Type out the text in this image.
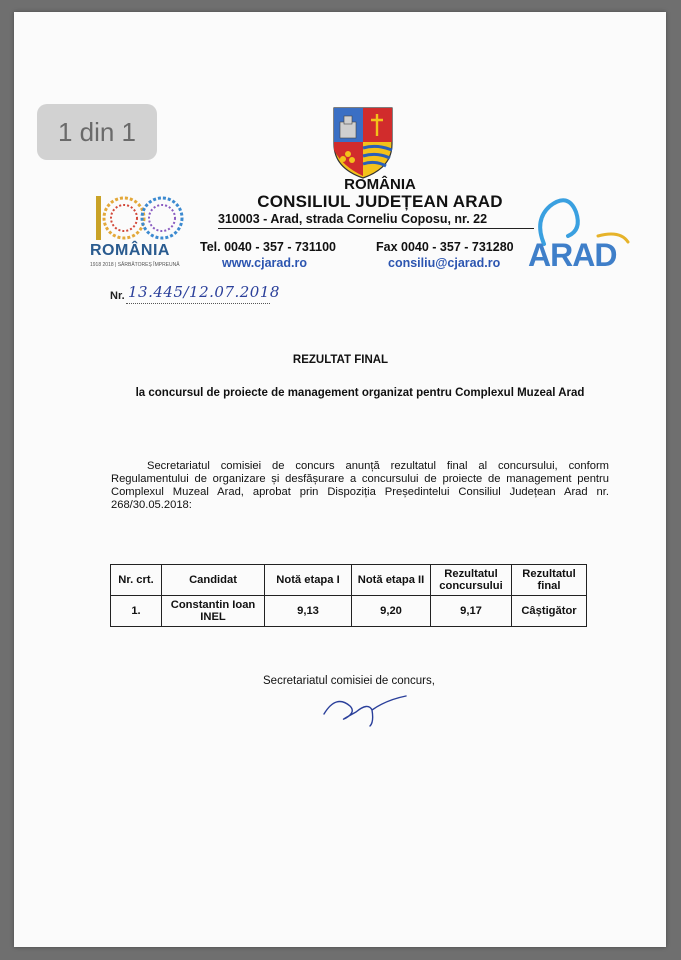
1 din 1
ROMÂNIA
1918 2018 | SĂRBĂTOREȘ ÎMPREUNĂ	ARAD
ROMÂNIA
CONSILIUL JUDEȚEAN ARAD
310003 - Arad, strada Corneliu Coposu, nr. 22
Tel. 0040 - 357 - 731100	Fax 0040 - 357 - 731280
www.cjarad.ro	consiliu@cjarad.ro
Nr. 13.445/12.07.2018
REZULTAT FINAL
la concursul de proiecte de management organizat pentru Complexul Muzeal Arad
Secretariatul comisiei de concurs anunță rezultatul final al concursului, conform Regulamentului de organizare și desfășurare a concursului de proiecte de management pentru Complexul Muzeal Arad, aprobat prin Dispoziția Președintelui Consiliul Județean Arad nr. 268/30.05.2018:
Nr. crt.	Candidat	Notă etapa I	Notă etapa II	Rezultatul concursului	Rezultatul final
1.	Constantin Ioan INEL	9,13	9,20	9,17	Câștigător
Secretariatul comisiei de concurs,
